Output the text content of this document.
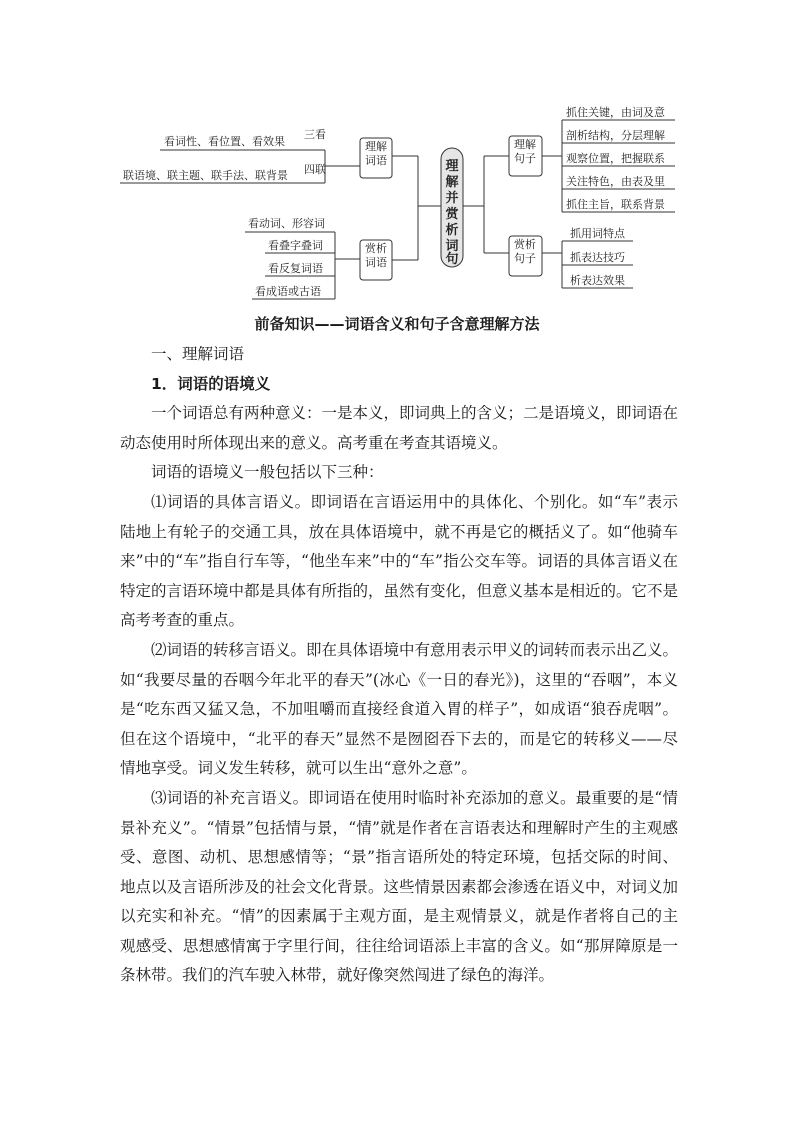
理
解
并
赏
析
词
句
理解词语
赏析词语
理解句子
赏析句子
三看
四联
看词性、看位置、看效果
联语境、联主题、联手法、联背景
看动词、形容词
看叠字叠词
看反复词语
看成语或古语
抓住关键，由词及意
剖析结构，分层理解
观察位置，把握联系
关注特色，由表及里
抓住主旨，联系背景
抓用词特点
抓表达技巧
析表达效果
前备知识——词语含义和句子含意理解方法

一、理解词语

1．词语的语境义

一个词语总有两种意义：一是本义，即词典上的含义；二是语境义，即词语在动态使用时所体现出来的意义。高考重在考查其语境义。

词语的语境义一般包括以下三种：

⑴词语的具体言语义。即词语在言语运用中的具体化、个别化。如“车”表示陆地上有轮子的交通工具，放在具体语境中，就不再是它的概括义了。如“他骑车来”中的“车”指自行车等，“他坐车来”中的“车”指公交车等。词语的具体言语义在特定的言语环境中都是具体有所指的，虽然有变化，但意义基本是相近的。它不是高考考查的重点。

⑵词语的转移言语义。即在具体语境中有意用表示甲义的词转而表示出乙义。如“我要尽量的吞咽今年北平的春天”(冰心《一日的春光》)，这里的“吞咽”，本义是“吃东西又猛又急，不加咀嚼而直接经食道入胃的样子”，如成语“狼吞虎咽”。但在这个语境中，“北平的春天”显然不是囫囵吞下去的，而是它的转移义——尽情地享受。词义发生转移，就可以生出“意外之意”。

⑶词语的补充言语义。即词语在使用时临时补充添加的意义。最重要的是“情景补充义”。“情景”包括情与景，“情”就是作者在言语表达和理解时产生的主观感受、意图、动机、思想感情等；“景”指言语所处的特定环境，包括交际的时间、地点以及言语所涉及的社会文化背景。这些情景因素都会渗透在语义中，对词义加以充实和补充。“情”的因素属于主观方面，是主观情景义，就是作者将自己的主观感受、思想感情寓于字里行间，往往给词语添上丰富的含义。如“那屏障原是一条林带。我们的汽车驶入林带，就好像突然闯进了绿色的海洋。
